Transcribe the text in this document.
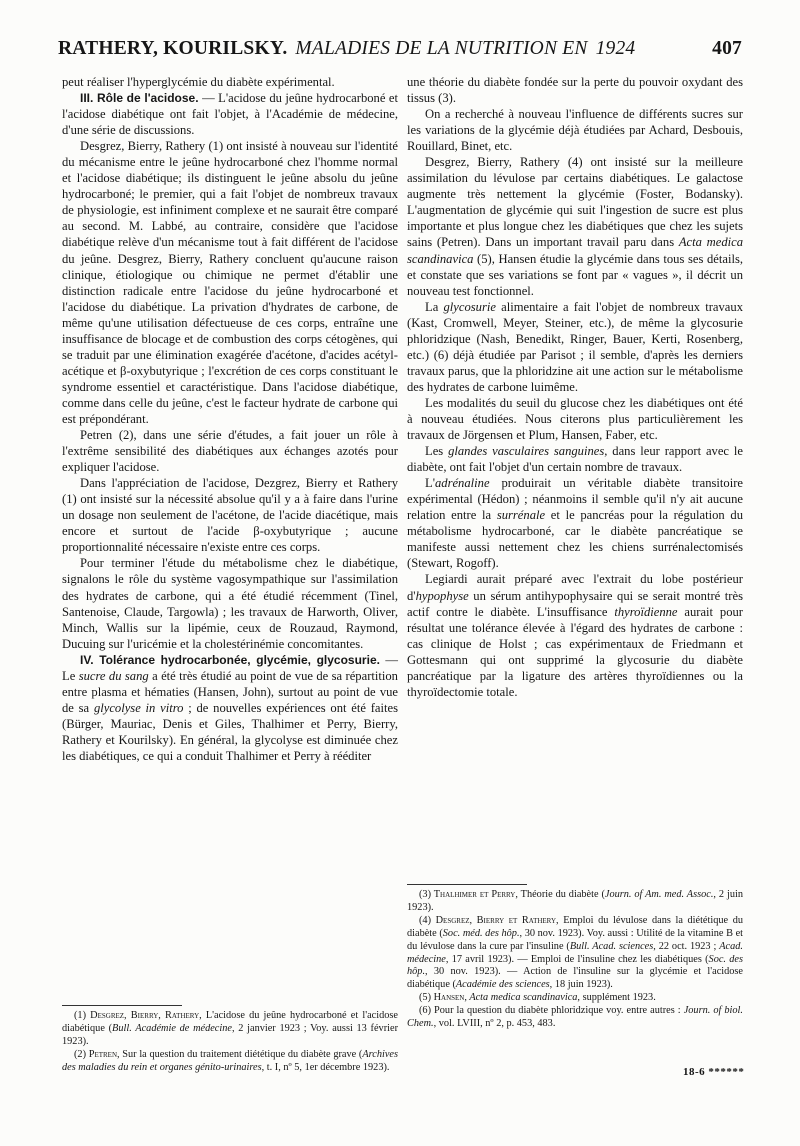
RATHERY, KOURILSKY. MALADIES DE LA NUTRITION EN 1924	407

peut réaliser l'hyperglycémie du diabète expérimental.

III. Rôle de l'acidose. — L'acidose du jeûne hydrocarboné et l'acidose diabétique ont fait l'objet, à l'Académie de médecine, d'une série de discussions.

Desgrez, Bierry, Rathery (1) ont insisté à nouveau sur l'identité du mécanisme entre le jeûne hydrocarboné chez l'homme normal et l'acidose diabétique; ils distinguent le jeûne absolu du jeûne hydrocarboné; le premier, qui a fait l'objet de nombreux travaux de physiologie, est infiniment complexe et ne saurait être comparé au second. M. Labbé, au contraire, considère que l'acidose diabétique relève d'un mécanisme tout à fait différent de l'acidose du jeûne. Desgrez, Bierry, Rathery concluent qu'aucune raison clinique, étiologique ou chimique ne permet d'établir une distinction radicale entre l'acidose du jeûne hydrocarboné et l'acidose du diabétique. La privation d'hydrates de carbone, de même qu'une utilisation défectueuse de ces corps, entraîne une insuffisance de blocage et de combustion des corps cétogènes, qui se traduit par une élimination exagérée d'acétone, d'acides acétyl-acétique et β-oxybutyrique ; l'excrétion de ces corps constituant le syndrome essentiel et caractéristique. Dans l'acidose diabétique, comme dans celle du jeûne, c'est le facteur hydrate de carbone qui est prépondérant.

Petren (2), dans une série d'études, a fait jouer un rôle à l'extrême sensibilité des diabétiques aux échanges azotés pour expliquer l'acidose.

Dans l'appréciation de l'acidose, Dezgrez, Bierry et Rathery (1) ont insisté sur la nécessité absolue qu'il y a à faire dans l'urine un dosage non seulement de l'acétone, de l'acide diacétique, mais encore et surtout de l'acide β-oxybutyrique ; aucune proportionnalité nécessaire n'existe entre ces corps.

Pour terminer l'étude du métabolisme chez le diabétique, signalons le rôle du système vagosympathique sur l'assimilation des hydrates de carbone, qui a été étudié récemment (Tinel, Santenoise, Claude, Targowla) ; les travaux de Harworth, Oliver, Minch, Wallis sur la lipémie, ceux de Rouzaud, Raymond, Ducuing sur l'uricémie et la cholestérinémie concomitantes.

IV. Tolérance hydrocarbonée, glycémie, glycosurie. — Le sucre du sang a été très étudié au point de vue de sa répartition entre plasma et hématies (Hansen, John), surtout au point de vue de sa glycolyse in vitro ; de nouvelles expériences ont été faites (Bürger, Mauriac, Denis et Giles, Thalhimer et Perry, Bierry, Rathery et Kourilsky). En général, la glycolyse est diminuée chez les diabétiques, ce qui a conduit Thalhimer et Perry à rééditer

une théorie du diabète fondée sur la perte du pouvoir oxydant des tissus (3).

On a recherché à nouveau l'influence de différents sucres sur les variations de la glycémie déjà étudiées par Achard, Desbouis, Rouillard, Binet, etc.

Desgrez, Bierry, Rathery (4) ont insisté sur la meilleure assimilation du lévulose par certains diabétiques. Le galactose augmente très nettement la glycémie (Foster, Bodansky). L'augmentation de glycémie qui suit l'ingestion de sucre est plus importante et plus longue chez les diabétiques que chez les sujets sains (Petren). Dans un important travail paru dans Acta medica scandinavica (5), Hansen étudie la glycémie dans tous ses détails, et constate que ses variations se font par « vagues », il décrit un nouveau test fonctionnel.

La glycosurie alimentaire a fait l'objet de nombreux travaux (Kast, Cromwell, Meyer, Steiner, etc.), de même la glycosurie phloridzique (Nash, Benedikt, Ringer, Bauer, Kerti, Rosenberg, etc.) (6) déjà étudiée par Parisot ; il semble, d'après les derniers travaux parus, que la phloridzine ait une action sur le métabolisme des hydrates de carbone luimême.

Les modalités du seuil du glucose chez les diabétiques ont été à nouveau étudiées. Nous citerons plus particulièrement les travaux de Jörgensen et Plum, Hansen, Faber, etc.

Les glandes vasculaires sanguines, dans leur rapport avec le diabète, ont fait l'objet d'un certain nombre de travaux.

L'adrénaline produirait un véritable diabète transitoire expérimental (Hédon) ; néanmoins il semble qu'il n'y ait aucune relation entre la surrénale et le pancréas pour la régulation du métabolisme hydrocarboné, car le diabète pancréatique se manifeste aussi nettement chez les chiens surrénalectomisés (Stewart, Rogoff).

Legiardi aurait préparé avec l'extrait du lobe postérieur d'hypophyse un sérum antihypophysaire qui se serait montré très actif contre le diabète. L'insuffisance thyroïdienne aurait pour résultat une tolérance élevée à l'égard des hydrates de carbone : cas clinique de Holst ; cas expérimentaux de Friedmann et Gottesmann qui ont supprimé la glycosurie du diabète pancréatique par la ligature des artères thyroïdiennes ou la thyroïdectomie totale.

(1) Desgrez, Bierry, Rathery, L'acidose du jeûne hydrocarboné et l'acidose diabétique (Bull. Académie de médecine, 2 janvier 1923 ; Voy. aussi 13 février 1923).

(2) Petren, Sur la question du traitement diététique du diabète grave (Archives des maladies du rein et organes génito-urinaires, t. I, nº 5, 1er décembre 1923).

(3) Thalhimer et Perry, Théorie du diabète (Journ. of Am. med. Assoc., 2 juin 1923).

(4) Desgrez, Bierry et Rathery, Emploi du lévulose dans la diététique du diabète (Soc. méd. des hôp., 30 nov. 1923). Voy. aussi : Utilité de la vitamine B et du lévulose dans la cure par l'insuline (Bull. Acad. sciences, 22 oct. 1923 ; Acad. médecine, 17 avril 1923). — Emploi de l'insuline chez les diabétiques (Soc. des hôp., 30 nov. 1923). — Action de l'insuline sur la glycémie et l'acidose diabétique (Académie des sciences, 18 juin 1923).

(5) Hansen, Acta medica scandinavica, supplément 1923.

(6) Pour la question du diabète phloridzique voy. entre autres : Journ. of biol. Chem., vol. LVIII, nº 2, p. 453, 483.

18-6 ******
